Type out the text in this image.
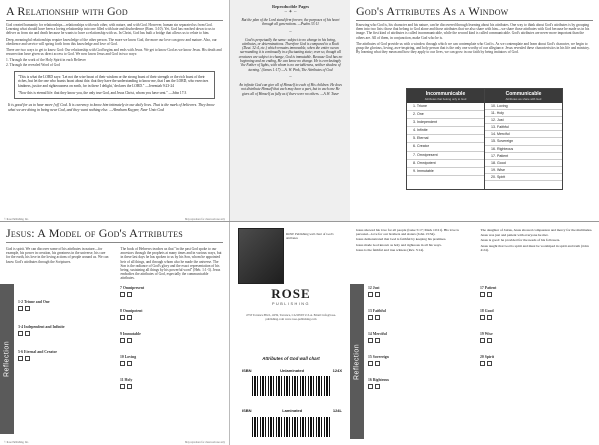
A Relationship with God
God created humanity for relationships—relationships with each other, with nature, and with God. However, human sin separated us from God. Learning what should have been a loving relationship into one filled with hate and disobedience (Rom. 3:10). Yet, God has reached down to us to deliver us from sin and death because he wants to have a relationship with us. In Christ, God has built a bridge that allows us to relate to him.
Deep, meaningful relationships require knowledge of the other person. The more we know God, the more our love can grow and mature. Also, our obedience and service will spring forth from this knowledge and love of God.
There are two ways to get to know God: Our relationship with God begins and ends with Jesus. We get to know God as we know Jesus. His death and resurrection have given us direct access to God. We now know Jesus and God in two ways:
1. Through the work of the Holy Spirit in each Believer
2. Through the revealed Word of God
"This is what the LORD says: 'Let not the wise boast of their wisdom or the strong boast of their strength or the rich boast of their riches, but let the one who boasts boast about this: that they have the understanding to know me, that I am the LORD, who exercises kindness, justice and righteousness on earth, for in these I delight,' declares the LORD." —Jeremiah 9:23-24
"Now this is eternal life: that they know you, the only true God, and Jesus Christ, whom you have sent." —John 17:3
It is good for us to hear more [of] God. It is currency to know him intimately in our daily lives. That is the mark of believers. They know what we are doing in being near God, and they want nothing else. —Abraham Kuyper, Near Unto God
© Rose Publishing, Inc.	May reproduce for classroom use only
Reproducible Pages
~ ✦ ~
But the plan of the Lord stand firm forever, the purposes of his heart through all generations. —Psalm 33:11
~
God is perpetually the same: subject to no change in his being, attributes, or determinations. Therefore God is compared to a Rock (Deut. 32:4, etc.) which remains immovable, when the entire ocean surrounding it is continually in a fluctuating state; even so, though all creatures are subject to change, God is immutable. Because God has no beginning and no ending, He can know no change. He is everlastingly 'the Father of lights, with whom is no variableness, neither shadow of turning.' (James 1:17) —A. W. Pink, The Attributes of God
~
An infinite God can give all of Himself to each of His children. He does not distribute Himself that each may have a part, but to each one He gives all of Himself as fully as if there were no others. —A.W. Tozer
God's Attributes As a Window
Knowing who God is, his character and his nature, can be discovered through learning about his attributes. One way to think about God's attributes is by grouping them into two lists: those that belong to God alone and those attributes that we also share with him—we share those attributes with God because he made us in his image. The first kind of attributes is called incommunicable, while the second kind is called communicable. God's attributes are never more important than the others are. All of them, in conjunction, make God who he is.
The attributes of God provide us with a window through which we can contemplate who God is. As we contemplate and learn about God's character, we begin to grasp the glorious, loving, awe-inspiring, and holy person that is the only one worthy of our allegiance. Jesus revealed these characteristics in his life and ministry. By learning what they mean and how they apply to our lives, we can grow in our faith by being imitators of God.
Incommunicable
Attributes that belong only to God
1. Triune
2. One
3. Independent
4. Infinite
5. Eternal
6. Creator
7. Omnipresent
8. Omnipotent
9. Immutable
Communicable
Attributes we share with God
10. Loving
11. Holy
12. Just
13. Faithful
14. Merciful
15. Sovereign
16. Righteous
17. Patient
18. Good
19. Wise
20. Spirit
Jesus: A Model of God's Attributes
God is spirit. We can discover some of his attributes in nature—for example, his power in creation, his greatness in the universe, his care for the earth, his love in the loving actions of people around us. We can know God's attributes through the Scriptures.
The book of Hebrews teaches us that "in the past God spoke to our ancestors through the prophets at many times and in various ways, but in these last days he has spoken to us by his Son, whom he appointed heir of all things, and through whom also he made the universe. The Son is the radiance of God's glory and the exact representation of his being, sustaining all things by his powerful word" (Heb. 1:1-3). Jesus embodies the attributes of God, especially the communicable attributes.
Reflection
1-2 Triune and One
3-4 Independent and Infinite
5-6 Eternal and Creator
7 Omnipresent
8 Omnipotent
9 Immutable
10 Loving
11 Holy
© Rose Publishing, Inc.	May reproduce for classroom use only
ROSE Publishing wall chart of God's attributes
ROSE
PUBLISHING
4733 Torrance Blvd., #259, Torrance, CA 90503 U.S.A. Email: info@rose-publishing.com www.rose-publishing.com
Attributes of God wall chart
ISBN	Unlaminated	124X
ISBN	Laminated	124L
Jesus showed his love for all people (Luke 5:17; Mark 10:21). His love is personal—love for our brothers and sisters (John 13:34).
Jesus demonstrated that God is faithful by keeping his promises.
Jesus made God known as holy and righteous in all his ways.
Jesus is the faithful and true witness (Rev. 3:14).
The daughter of Jairus, Jesus showed compassion and mercy for the multitudes.
Jesus was just and patient with everyone he met.
Jesus is good: he provided for the needs of his followers.
Jesus taught that God is spirit and must be worshiped in spirit and truth (John 4:24).
Reflection
12 Just
13 Faithful
14 Merciful
15 Sovereign
16 Righteous
17 Patient
18 Good
19 Wise
20 Spirit
